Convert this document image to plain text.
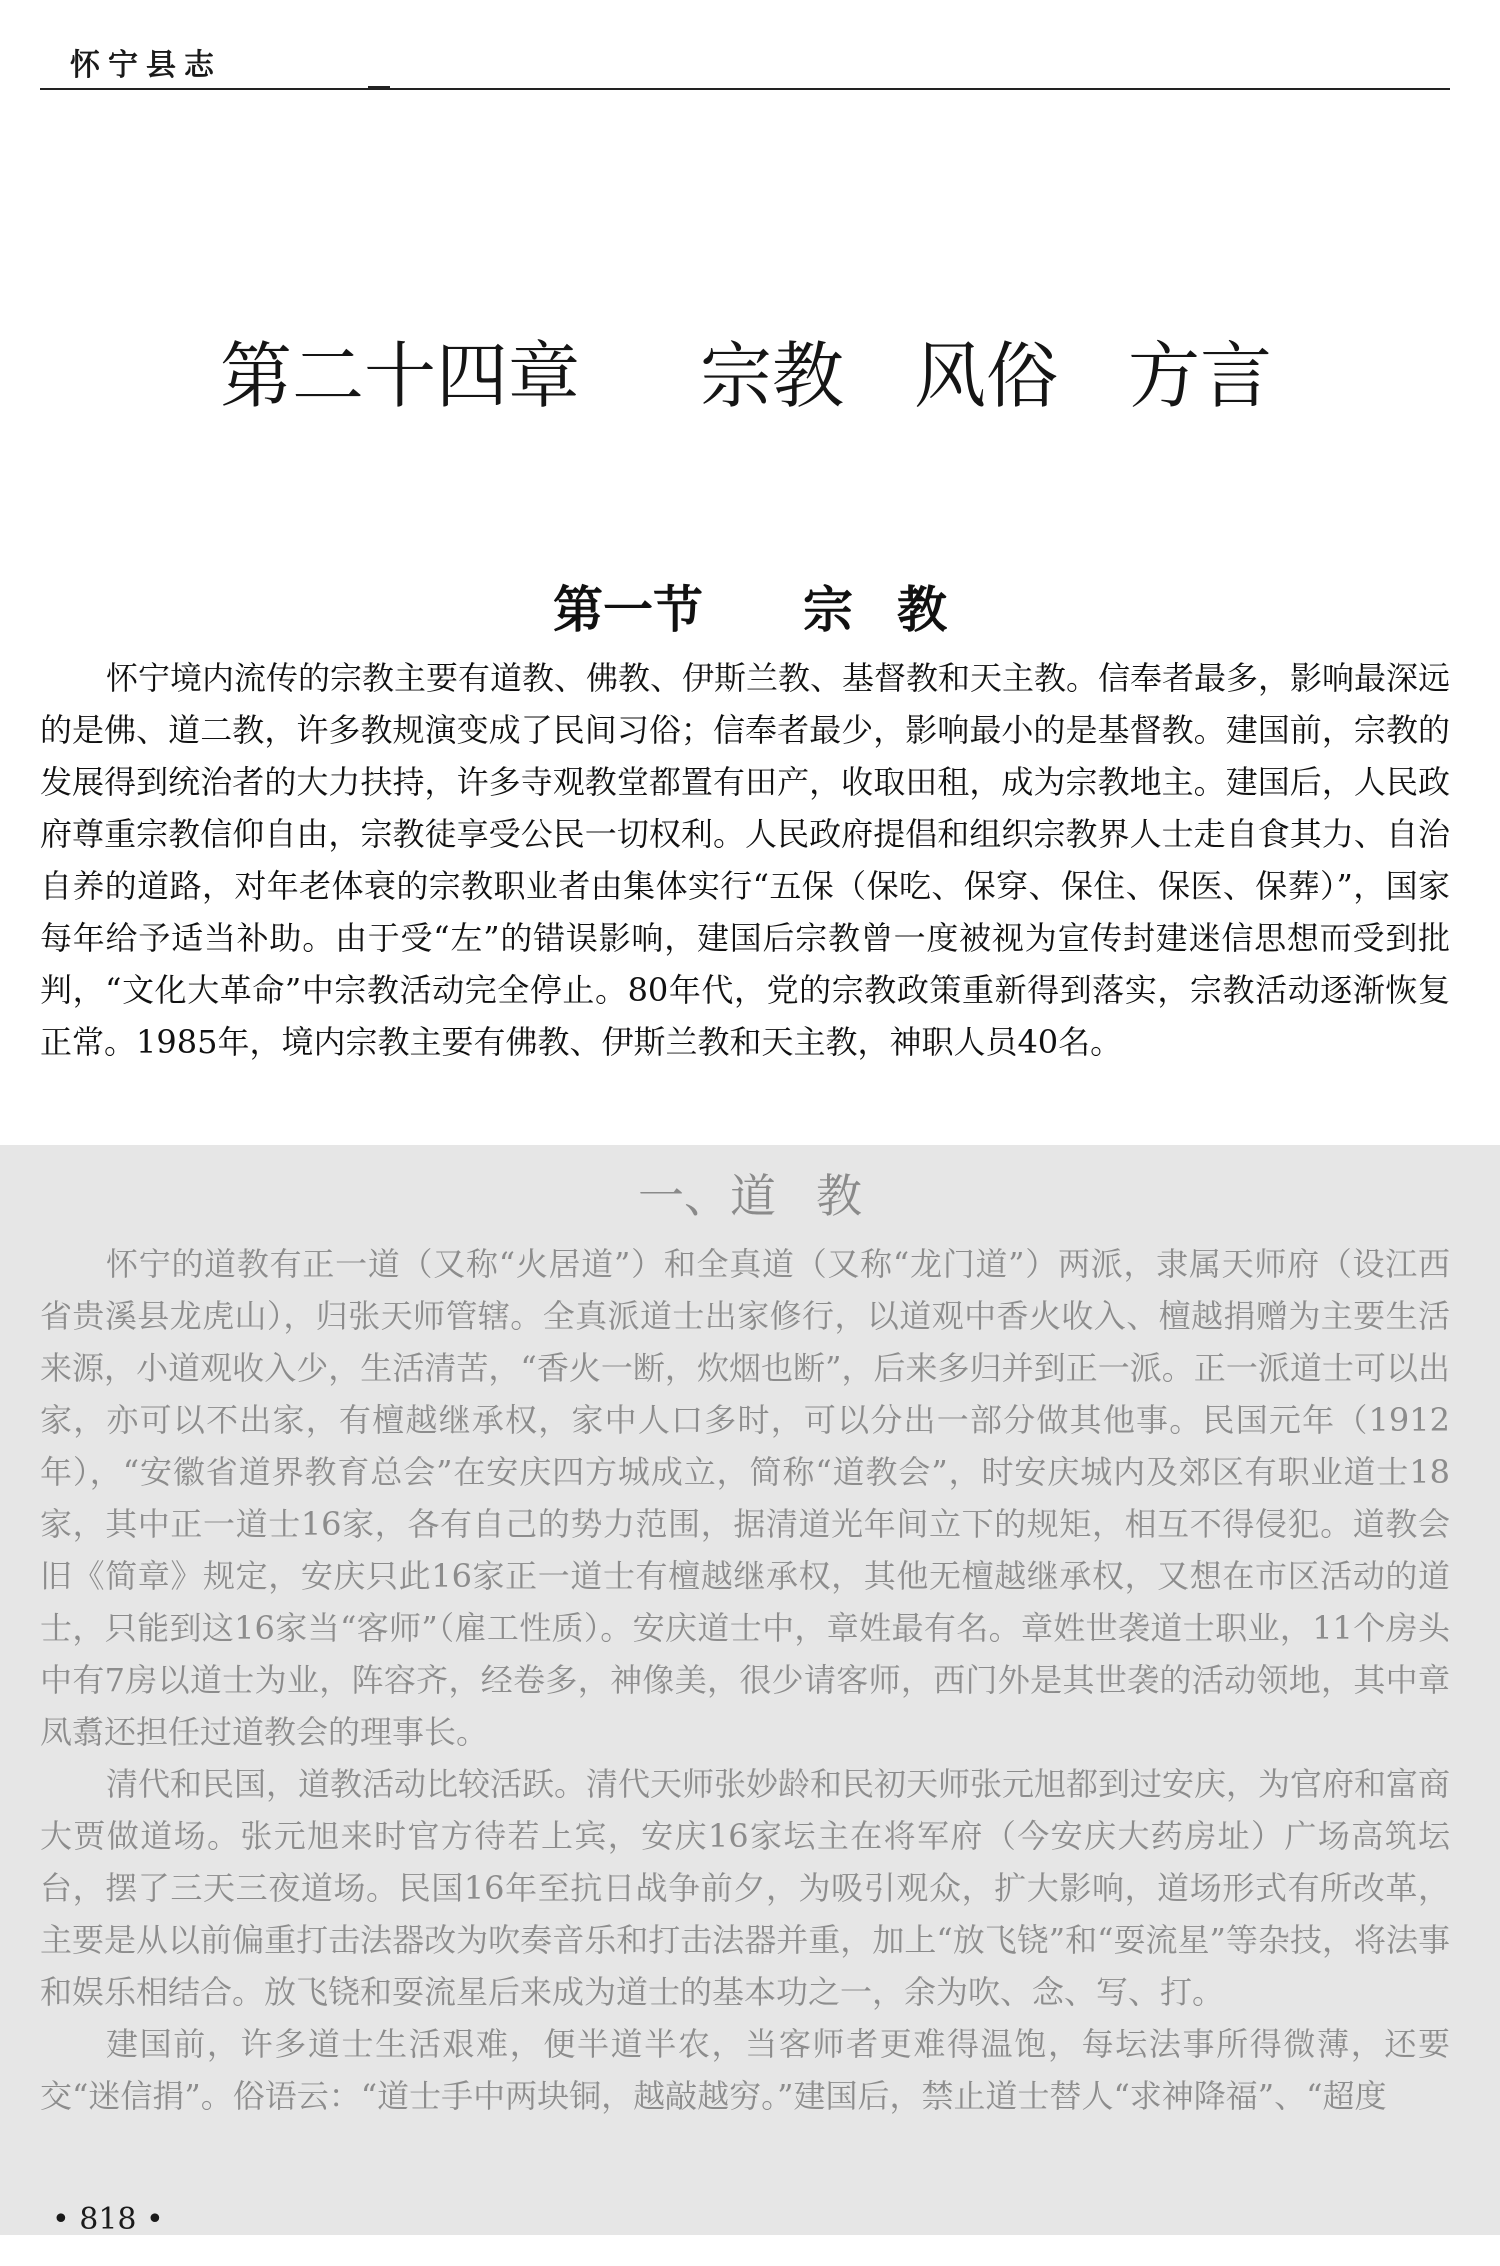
怀宁县志
第二十四章 宗教 风俗 方言
第一节 宗 教

怀宁境内流传的宗教主要有道教、佛教、伊斯兰教、基督教和天主教。信奉者最多，影响最深远的是佛、道二教，许多教规演变成了民间习俗；信奉者最少，影响最小的是基督教。建国前，宗教的发展得到统治者的大力扶持，许多寺观教堂都置有田产，收取田租，成为宗教地主。建国后，人民政府尊重宗教信仰自由，宗教徒享受公民一切权利。人民政府提倡和组织宗教界人士走自食其力、自治自养的道路，对年老体衰的宗教职业者由集体实行“五保（保吃、保穿、保住、保医、保葬）”，国家每年给予适当补助。由于受“左”的错误影响，建国后宗教曾一度被视为宣传封建迷信思想而受到批判，“文化大革命”中宗教活动完全停止。80年代，党的宗教政策重新得到落实，宗教活动逐渐恢复正常。1985年，境内宗教主要有佛教、伊斯兰教和天主教，神职人员40名。

一、道 教

怀宁的道教有正一道（又称“火居道”）和全真道（又称“龙门道”）两派，隶属天师府（设江西省贵溪县龙虎山），归张天师管辖。全真派道士出家修行，以道观中香火收入、檀越捐赠为主要生活来源，小道观收入少，生活清苦，“香火一断，炊烟也断”，后来多归并到正一派。正一派道士可以出家，亦可以不出家，有檀越继承权，家中人口多时，可以分出一部分做其他事。民国元年（1912年），“安徽省道界教育总会”在安庆四方城成立，简称“道教会”，时安庆城内及郊区有职业道士18家，其中正一道士16家，各有自己的势力范围，据清道光年间立下的规矩，相互不得侵犯。道教会旧《简章》规定，安庆只此16家正一道士有檀越继承权，其他无檀越继承权，又想在市区活动的道士，只能到这16家当“客师”（雇工性质）。安庆道士中，章姓最有名。章姓世袭道士职业，11个房头中有7房以道士为业，阵容齐，经卷多，神像美，很少请客师，西门外是其世袭的活动领地，其中章凤翥还担任过道教会的理事长。

清代和民国，道教活动比较活跃。清代天师张妙龄和民初天师张元旭都到过安庆，为官府和富商大贾做道场。张元旭来时官方待若上宾，安庆16家坛主在将军府（今安庆大药房址）广场高筑坛台，摆了三天三夜道场。民国16年至抗日战争前夕，为吸引观众，扩大影响，道场形式有所改革，主要是从以前偏重打击法器改为吹奏音乐和打击法器并重，加上“放飞铙”和“耍流星”等杂技，将法事和娱乐相结合。放飞铙和耍流星后来成为道士的基本功之一，余为吹、念、写、打。

建国前，许多道士生活艰难，便半道半农，当客师者更难得温饱，每坛法事所得微薄，还要交“迷信捐”。俗语云：“道士手中两块铜，越敲越穷。”建国后，禁止道士替人“求神降福”、“超度

• 818 •
